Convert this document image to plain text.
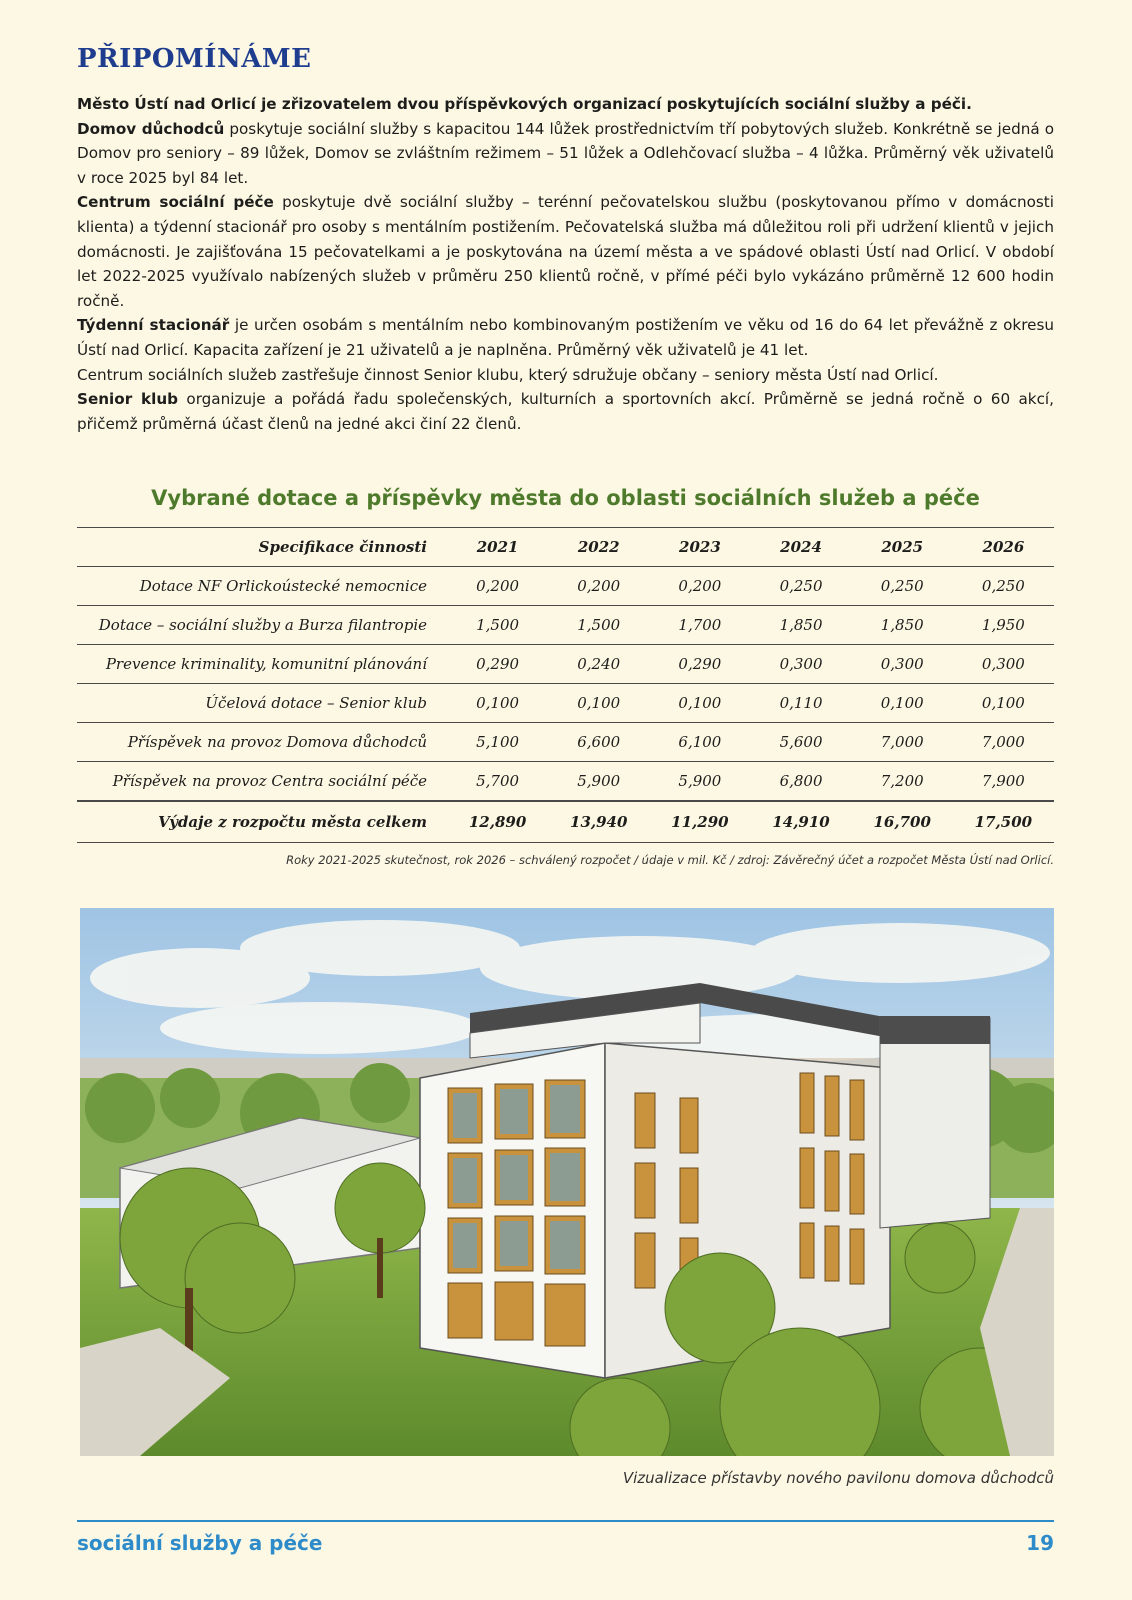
PŘIPOMÍNÁME

Město Ústí nad Orlicí je zřizovatelem dvou příspěvkových organizací poskytujících sociální služby a péči.

Domov důchodců poskytuje sociální služby s kapacitou 144 lůžek prostřednictvím tří pobytových služeb. Konkrétně se jedná o Domov pro seniory – 89 lůžek, Domov se zvláštním režimem – 51 lůžek a Odlehčovací služba – 4 lůžka. Průměrný věk uživatelů v roce 2025 byl 84 let.

Centrum sociální péče poskytuje dvě sociální služby – terénní pečovatelskou službu (poskytovanou přímo v domácnosti klienta) a týdenní stacionář pro osoby s mentálním postižením. Pečovatelská služba má důležitou roli při udržení klientů v jejich domácnosti. Je zajišťována 15 pečovatelkami a je poskytována na území města a ve spádové oblasti Ústí nad Orlicí. V období let 2022-2025 využívalo nabízených služeb v průměru 250 klientů ročně, v přímé péči bylo vykázáno průměrně 12 600 hodin ročně.

Týdenní stacionář je určen osobám s mentálním nebo kombinovaným postižením ve věku od 16 do 64 let převážně z okresu Ústí nad Orlicí. Kapacita zařízení je 21 uživatelů a je naplněna. Průměrný věk uživatelů je 41 let.

Centrum sociálních služeb zastřešuje činnost Senior klubu, který sdružuje občany – seniory města Ústí nad Orlicí.

Senior klub organizuje a pořádá řadu společenských, kulturních a sportovních akcí. Průměrně se jedná ročně o 60 akcí, přičemž průměrná účast členů na jedné akci činí 22 členů.

Vybrané dotace a příspěvky města do oblasti sociálních služeb a péče
Specifikace činnosti	2021	2022	2023	2024	2025	2026
Dotace NF Orlickoústecké nemocnice	0,200	0,200	0,200	0,250	0,250	0,250
Dotace – sociální služby a Burza filantropie	1,500	1,500	1,700	1,850	1,850	1,950
Prevence kriminality, komunitní plánování	0,290	0,240	0,290	0,300	0,300	0,300
Účelová dotace – Senior klub	0,100	0,100	0,100	0,110	0,100	0,100
Příspěvek na provoz Domova důchodců	5,100	6,600	6,100	5,600	7,000	7,000
Příspěvek na provoz Centra sociální péče	5,700	5,900	5,900	6,800	7,200	7,900
Výdaje z rozpočtu města celkem	12,890	13,940	11,290	14,910	16,700	17,500
Roky 2021-2025 skutečnost, rok 2026 – schválený rozpočet / údaje v mil. Kč / zdroj: Závěrečný účet a rozpočet Města Ústí nad Orlicí.
Vizualizace přístavby nového pavilonu domova důchodců
sociální služby a péče	19
